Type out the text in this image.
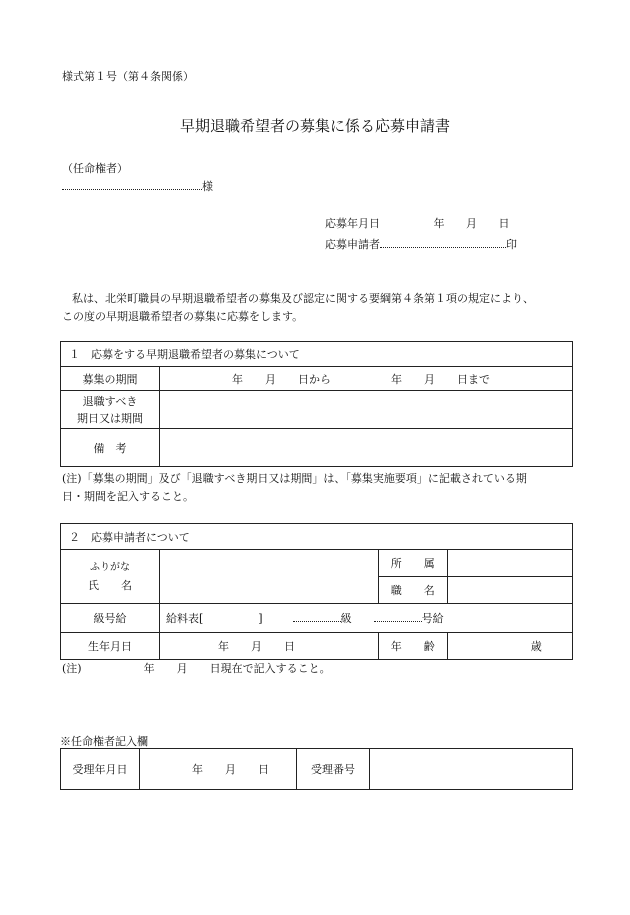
様式第１号（第４条関係）
早期退職希望者の募集に係る応募申請書
（任命権者）
様
応募年月日	年 月 日
応募申請者	印
私は、北栄町職員の早期退職希望者の募集及び認定に関する要綱第４条第１項の規定により、
この度の早期退職希望者の募集に応募をします。
１　応募をする早期退職希望者の募集について	
募集の期間	年　　月　　日から 年　　月　　日まで

退職すべき
期日又は期間	

備　考	
(注)「募集の期間」及び「退職すべき期日又は期間」は、「募集実施要項」に記載されている期
日・期間を記入すること。
２　応募申請者について			

ふりがな
氏　　名		所　　属	
		職　　名	
級号給	給料表[　　　　　] 級 号給		
生年月日	年　　月　　日	年　　齢	歳
(注)	年　　月　　日現在で記入すること。
※任命権者記入欄
受理年月日	年　　月　　日	受理番号	
